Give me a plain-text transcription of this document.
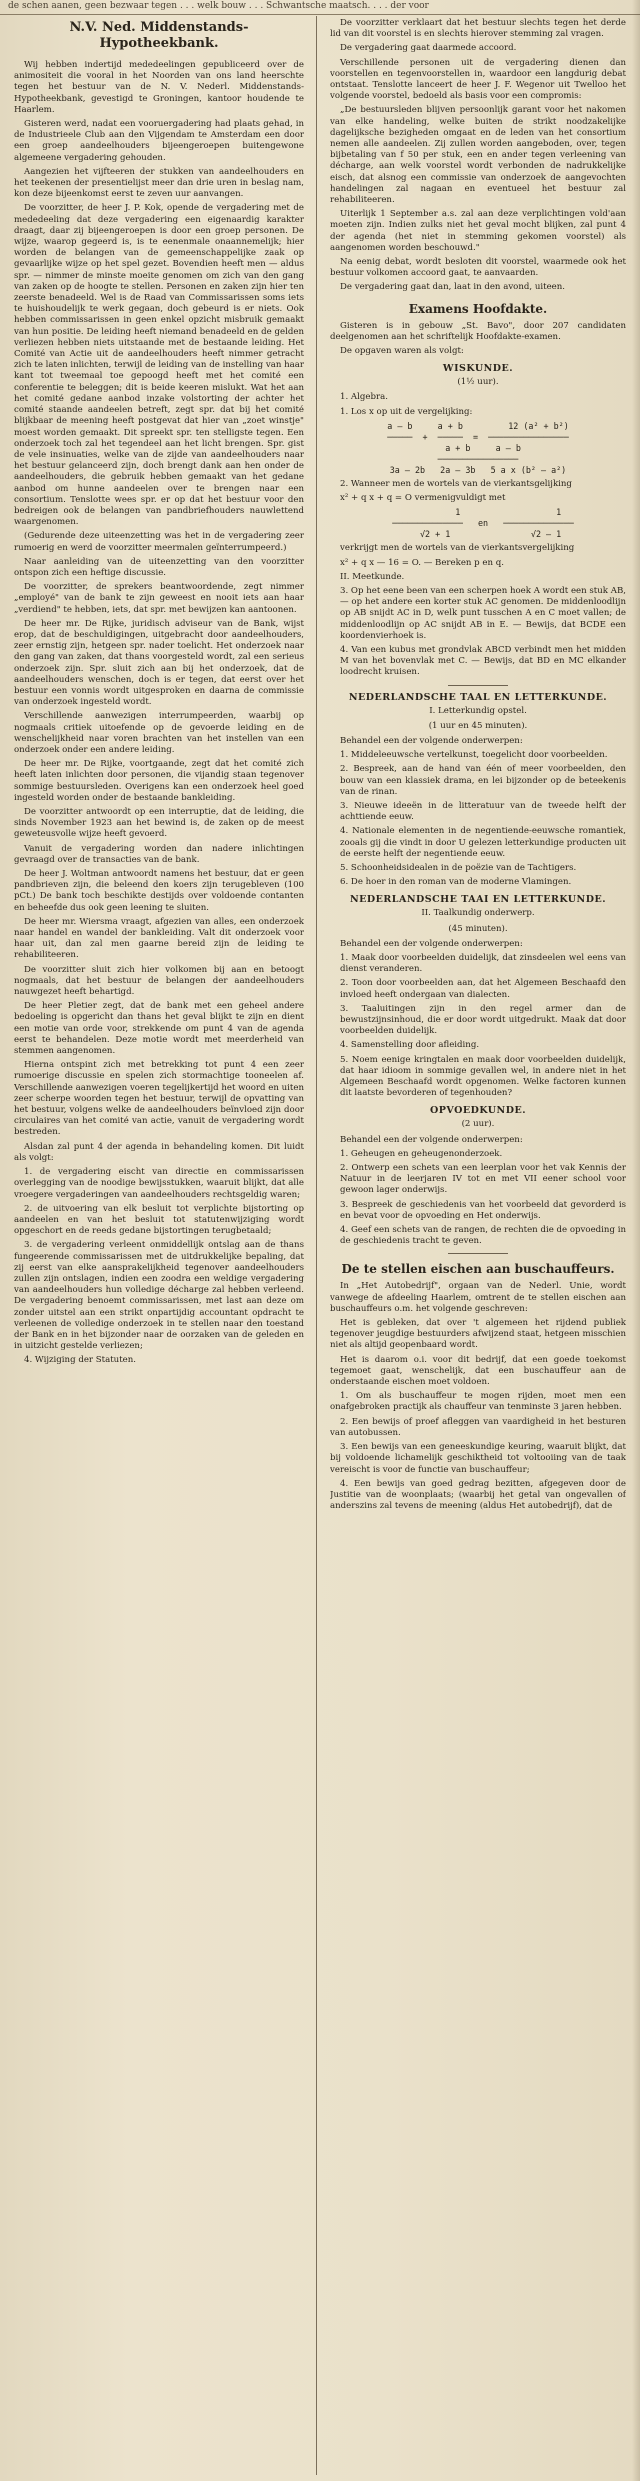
de schen aanen, geen bezwaar tegen . . . welk bouw . . . Schwantsche maatsch. . . . der voor
N.V. Ned. Middenstands-Hypotheekbank.

Wij hebben indertijd mededeelingen gepubliceerd over de animositeit die vooral in het Noorden van ons land heerschte tegen het bestuur van de N. V. Nederl. Middenstands-Hypotheekbank, gevestigd te Groningen, kantoor houdende te Haarlem.

Gisteren werd, nadat een vooruergadering had plaats gehad, in de Industrieele Club aan den Vijgendam te Amsterdam een door een groep aandeelhouders bijeengeroepen buitengewone algemeene vergadering gehouden.

Aangezien het vijfteeren der stukken van aandeelhouders en het teekenen der presentielijst meer dan drie uren in beslag nam, kon deze bijeenkomst eerst te zeven uur aanvangen.

De voorzitter, de heer J. P. Kok, opende de vergadering met de mededeeling dat deze vergadering een eigenaardig karakter draagt, daar zij bijeengeroepen is door een groep personen. De wijze, waarop gegeerd is, is te eenenmale onaannemelijk; hier worden de belangen van de gemeenschappelijke zaak op gevaarlijke wijze op het spel gezet. Bovendien heeft men — aldus spr. — nimmer de minste moeite genomen om zich van den gang van zaken op de hoogte te stellen. Personen en zaken zijn hier ten zeerste benadeeld. Wel is de Raad van Commissarissen soms iets te huishoudelijk te werk gegaan, doch gebeurd is er niets. Ook hebben commissarissen in geen enkel opzicht misbruik gemaakt van hun positie. De leiding heeft niemand benadeeld en de gelden verliezen hebben niets uitstaande met de bestaande leiding. Het Comité van Actie uit de aandeelhouders heeft nimmer getracht zich te laten inlichten, terwijl de leiding van de instelling van haar kant tot tweemaal toe gepoogd heeft met het comité een conferentie te beleggen; dit is beide keeren mislukt. Wat het aan het comité gedane aanbod inzake volstorting der achter het comité staande aandeelen betreft, zegt spr. dat bij het comité blijkbaar de meening heeft postgevat dat hier van „zoet winstje" moest worden gemaakt. Dit spreekt spr. ten stelligste tegen. Een onderzoek toch zal het tegendeel aan het licht brengen. Spr. gist de vele insinuaties, welke van de zijde van aandeelhouders naar het bestuur gelanceerd zijn, doch brengt dank aan hen onder de aandeelhouders, die gebruik hebben gemaakt van het gedane aanbod om hunne aandeelen over te brengen naar een consortium. Tenslotte wees spr. er op dat het bestuur voor den bedreigen ook de belangen van pandbriefhouders nauwlettend waargenomen.

(Gedurende deze uiteenzetting was het in de vergadering zeer rumoerig en werd de voorzitter meermalen geïnterrumpeerd.)

Naar aanleiding van de uiteenzetting van den voorzitter ontspon zich een heftige discussie.

De voorzitter, de sprekers beantwoordende, zegt nimmer „employé" van de bank te zijn geweest en nooit iets aan haar „verdiend" te hebben, iets, dat spr. met bewijzen kan aantoonen.

De heer mr. De Rijke, juridisch adviseur van de Bank, wijst erop, dat de beschuldigingen, uitgebracht door aandeelhouders, zeer ernstig zijn, hetgeen spr. nader toelicht. Het onderzoek naar den gang van zaken, dat thans voorgesteld wordt, zal een serieus onderzoek zijn. Spr. sluit zich aan bij het onderzoek, dat de aandeelhouders wenschen, doch is er tegen, dat eerst over het bestuur een vonnis wordt uitgesproken en daarna de commissie van onderzoek ingesteld wordt.

Verschillende aanwezigen interrumpeerden, waarbij op nogmaals critiek uitoefende op de gevoerde leiding en de wenschelijkheid naar voren brachten van het instellen van een onderzoek onder een andere leiding.

De heer mr. De Rijke, voortgaande, zegt dat het comité zich heeft laten inlichten door personen, die vijandig staan tegenover sommige bestuursleden. Overigens kan een onderzoek heel goed ingesteld worden onder de bestaande bankleiding.

De voorzitter antwoordt op een interruptie, dat de leiding, die sinds November 1923 aan het bewind is, de zaken op de meest geweteusvolle wijze heeft gevoerd.

Vanuit de vergadering worden dan nadere inlichtingen gevraagd over de transacties van de bank.

De heer J. Woltman antwoordt namens het bestuur, dat er geen pandbrieven zijn, die beleend den koers zijn terugebleven (100 pCt.) De bank toch beschikte destijds over voldoende contanten en beheefde dus ook geen leening te sluiten.

De heer mr. Wiersma vraagt, afgezien van alles, een onderzoek naar handel en wandel der bankleiding. Valt dit onderzoek voor haar uit, dan zal men gaarne bereid zijn de leiding te rehabiliteeren.

De voorzitter sluit zich hier volkomen bij aan en betoogt nogmaals, dat het bestuur de belangen der aandeelhouders nauwgezet heeft behartigd.

De heer Pletier zegt, dat de bank met een geheel andere bedoeling is opgericht dan thans het geval blijkt te zijn en dient een motie van orde voor, strekkende om punt 4 van de agenda eerst te behandelen. Deze motie wordt met meerderheid van stemmen aangenomen.

Hierna ontspint zich met betrekking tot punt 4 een zeer rumoerige discussie en spelen zich stormachtige tooneelen af. Verschillende aanwezigen voeren tegelijkertijd het woord en uiten zeer scherpe woorden tegen het bestuur, terwijl de opvatting van het bestuur, volgens welke de aandeelhouders beïnvloed zijn door circulaires van het comité van actie, vanuit de vergadering wordt bestreden.

Alsdan zal punt 4 der agenda in behandeling komen. Dit luidt als volgt:

1. de vergadering eischt van directie en commissarissen overlegging van de noodige bewijsstukken, waaruit blijkt, dat alle vroegere vergaderingen van aandeelhouders rechtsgeldig waren;

2. de uitvoering van elk besluit tot verplichte bijstorting op aandeelen en van het besluit tot statutenwijziging wordt opgeschort en de reeds gedane bijstortingen terugbetaald;

3. de vergadering verleent onmiddellijk ontslag aan de thans fungeerende commissarissen met de uitdrukkelijke bepaling, dat zij eerst van elke aansprakelijkheid tegenover aandeelhouders zullen zijn ontslagen, indien een zoodra een weldige vergadering van aandeelhouders hun volledige décharge zal hebben verleend. De vergadering benoemt commissarissen, met last aan deze om zonder uitstel aan een strikt onpartijdig accountant opdracht te verleenen de volledige onderzoek in te stellen naar den toestand der Bank en in het bijzonder naar de oorzaken van de geleden en in uitzicht gestelde verliezen;

4. Wijziging der Statuten.

De voorzitter verklaart dat het bestuur slechts tegen het derde lid van dit voorstel is en slechts hierover stemming zal vragen.

De vergadering gaat daarmede accoord.

Verschillende personen uit de vergadering dienen dan voorstellen en tegenvoorstellen in, waardoor een langdurig debat ontstaat. Tenslotte lanceert de heer J. F. Wegenor uit Twelloo het volgende voorstel, bedoeld als basis voor een compromis:

„De bestuursleden blijven persoonlijk garant voor het nakomen van elke handeling, welke buiten de strikt noodzakelijke dagelijksche bezigheden omgaat en de leden van het consortium nemen alle aandeelen. Zij zullen worden aangeboden, over, tegen bijbetaling van f 50 per stuk, een en ander tegen verleening van décharge, aan welk voorstel wordt verbonden de nadrukkelijke eisch, dat alsnog een commissie van onderzoek de aangevochten handelingen zal nagaan en eventueel het bestuur zal rehabiliteeren.

Uiterlijk 1 September a.s. zal aan deze verplichtingen vold'aan moeten zijn. Indien zulks niet het geval mocht blijken, zal punt 4 der agenda (het niet in stemming gekomen voorstel) als aangenomen worden beschouwd."

Na eenig debat, wordt besloten dit voorstel, waarmede ook het bestuur volkomen accoord gaat, te aanvaarden.

De vergadering gaat dan, laat in den avond, uiteen.

Examens Hoofdakte.

Gisteren is in gebouw „St. Bavo", door 207 candidaten deelgenomen aan het schriftelijk Hoofdakte-examen.

De opgaven waren als volgt:

WISKUNDE.
(1½ uur).

1. Algebra.

1. Los x op uit de vergelijking:

a — b     a + b         12 (a² + b²)
─────  +  ─────  =  ────────────────
a + b     a — b
────────────────
3a — 2b   2a — 3b   5 a x (b² — a²)

2. Wanneer men de wortels van de vierkantsgelijking

x² + q x + q = O vermenigvuldigt met

1                   1
──────────────   en   ──────────────
√2 + 1                √2 — 1

verkrijgt men de wortels van de vierkantsvergelijking

x² + q x — 16 = O. — Bereken p en q.

II. Meetkunde.

3. Op het eene been van een scherpen hoek A wordt een stuk AB, — op het andere een korter stuk AC genomen. De middenloodlijn op AB snijdt AC in D, welk punt tusschen A en C moet vallen; de middenloodlijn op AC snijdt AB in E. — Bewijs, dat BCDE een koordenvierhoek is.

4. Van een kubus met grondvlak ABCD verbindt men het midden M van het bovenvlak met C. — Bewijs, dat BD en MC elkander loodrecht kruisen.

NEDERLANDSCHE TAAL EN LETTERKUNDE.
I. Letterkundig opstel.
(1 uur en 45 minuten).

Behandel een der volgende onderwerpen:

1. Middeleeuwsche vertelkunst, toegelicht door voorbeelden.

2. Bespreek, aan de hand van één of meer voorbeelden, den bouw van een klassiek drama, en lei bijzonder op de beteekenis van de rinan.

3. Nieuwe ideeën in de litteratuur van de tweede helft der achttiende eeuw.

4. Nationale elementen in de negentiende-eeuwsche romantiek, zooals gij die vindt in door U gelezen letterkundige producten uit de eerste helft der negentiende eeuw.

5. Schoonheidsidealen in de poëzie van de Tachtigers.

6. De hoer in den roman van de moderne Vlamingen.

NEDERLANDSCHE TAAI EN LETTERKUNDE.
II. Taalkundig onderwerp.
(45 minuten).

Behandel een der volgende onderwerpen:

1. Maak door voorbeelden duidelijk, dat zinsdeelen wel eens van dienst veranderen.

2. Toon door voorbeelden aan, dat het Algemeen Beschaafd den invloed heeft ondergaan van dialecten.

3. Taaluitingen zijn in den regel armer dan de bewustzijnsinhoud, die er door wordt uitgedrukt. Maak dat door voorbeelden duidelijk.

4. Samenstelling door afleiding.

5. Noem eenige kringtalen en maak door voorbeelden duidelijk, dat haar idioom in sommige gevallen wel, in andere niet in het Algemeen Beschaafd wordt opgenomen. Welke factoren kunnen dit laatste bevorderen of tegenhouden?

OPVOEDKUNDE.
(2 uur).

Behandel een der volgende onderwerpen:

1. Geheugen en geheugenonderzoek.

2. Ontwerp een schets van een leerplan voor het vak Kennis der Natuur in de leerjaren IV tot en met VII eener school voor gewoon lager onderwijs.

3. Bespreek de geschiedenis van het voorbeeld dat gevorderd is en bevat voor de opvoeding en Het onderwijs.

4. Geef een schets van de rangen, de rechten die de opvoeding in de geschiedenis tracht te geven.

De te stellen eischen aan buschauffeurs.

In „Het Autobedrijf", orgaan van de Nederl. Unie, wordt vanwege de afdeeling Haarlem, omtrent de te stellen eischen aan buschauffeurs o.m. het volgende geschreven:

Het is gebleken, dat over 't algemeen het rijdend publiek tegenover jeugdige bestuurders afwijzend staat, hetgeen misschien niet als altijd geopenbaard wordt.

Het is daarom o.i. voor dit bedrijf, dat een goede toekomst tegemoet gaat, wenschelijk, dat een buschauffeur aan de onderstaande eischen moet voldoen.

1. Om als buschauffeur te mogen rijden, moet men een onafgebroken practijk als chauffeur van tenminste 3 jaren hebben.

2. Een bewijs of proef afleggen van vaardigheid in het besturen van autobussen.

3. Een bewijs van een geneeskundige keuring, waaruit blijkt, dat bij voldoende lichamelijk geschiktheid tot voltooiing van de taak vereischt is voor de functie van buschauffeur;

4. Een bewijs van goed gedrag bezitten, afgegeven door de Justitie van de woonplaats; (waarbij het getal van ongevallen of anderszins zal tevens de meening (aldus Het autobedrijf), dat de
